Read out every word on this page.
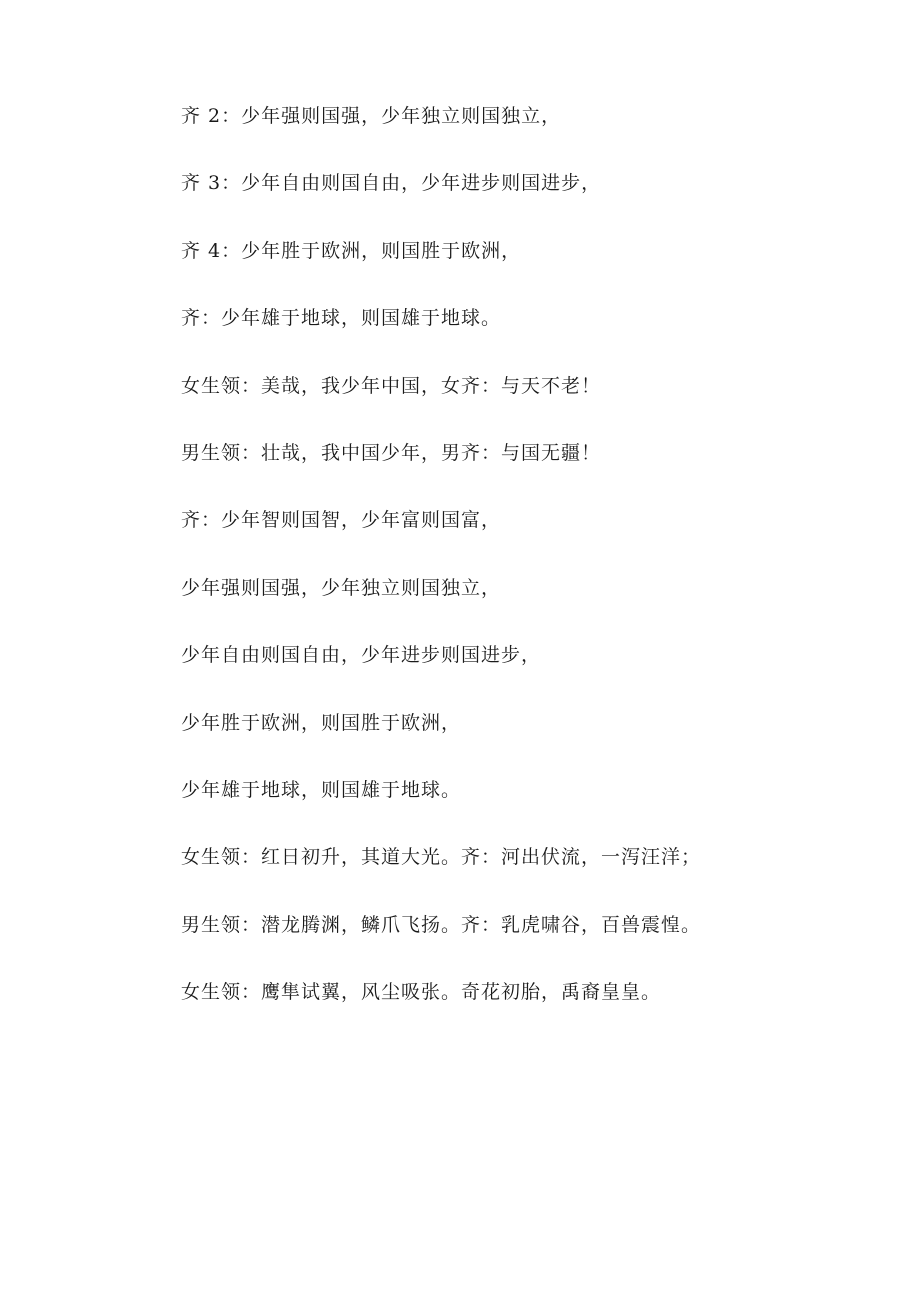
齐 2：少年强则国强，少年独立则国独立，
齐 3：少年自由则国自由，少年进步则国进步，
齐 4：少年胜于欧洲，则国胜于欧洲，
齐：少年雄于地球，则国雄于地球。
女生领：美哉，我少年中国，女齐：与天不老！
男生领：壮哉，我中国少年，男齐：与国无疆！
齐：少年智则国智，少年富则国富，
少年强则国强，少年独立则国独立，
少年自由则国自由，少年进步则国进步，
少年胜于欧洲，则国胜于欧洲，
少年雄于地球，则国雄于地球。
女生领：红日初升，其道大光。齐：河出伏流，一泻汪洋；
男生领：潜龙腾渊，鳞爪飞扬。齐：乳虎啸谷，百兽震惶。
女生领：鹰隼试翼，风尘吸张。奇花初胎，禹裔皇皇。
